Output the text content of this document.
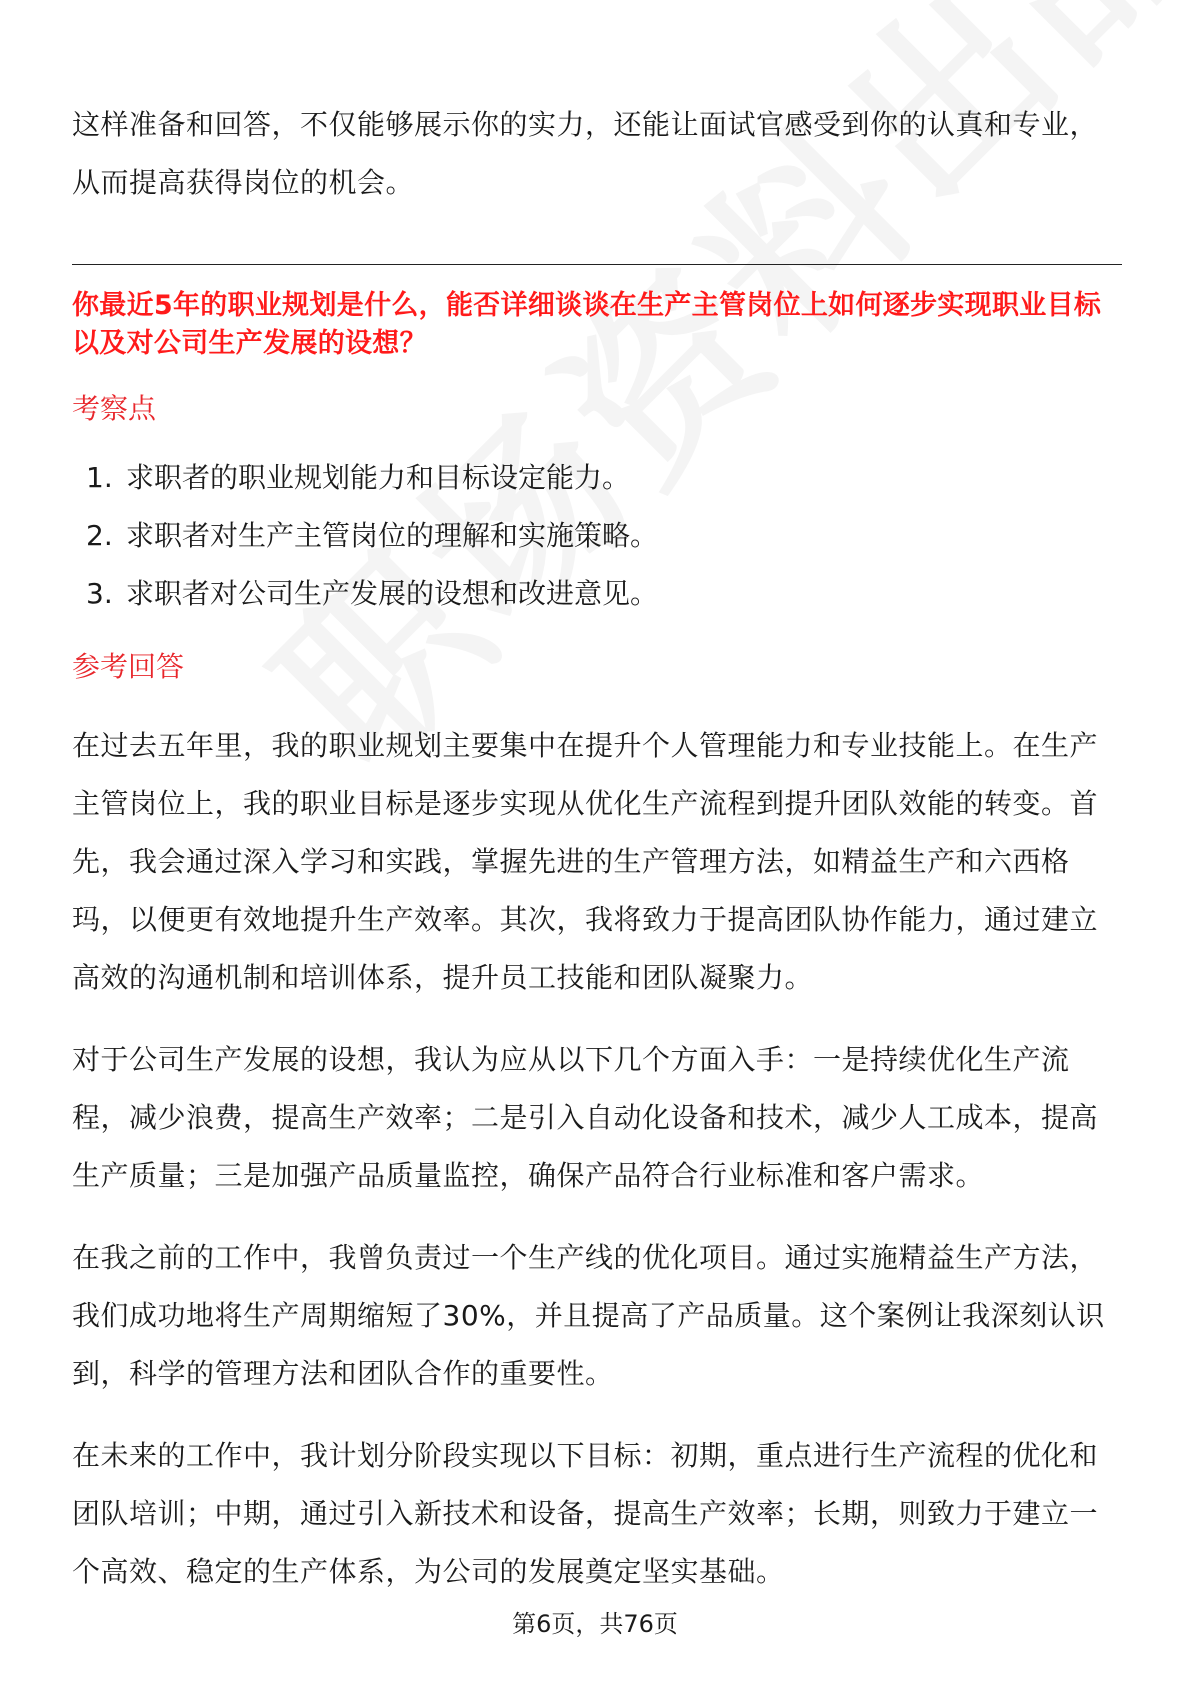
这样准备和回答，不仅能够展示你的实力，还能让面试官感受到你的认真和专业，从而提高获得岗位的机会。

你最近5年的职业规划是什么，能否详细谈谈在生产主管岗位上如何逐步实现职业目标以及对公司生产发展的设想？

考察点
1. 求职者的职业规划能力和目标设定能力。
2. 求职者对生产主管岗位的理解和实施策略。
3. 求职者对公司生产发展的设想和改进意见。
参考回答

在过去五年里，我的职业规划主要集中在提升个人管理能力和专业技能上。在生产主管岗位上，我的职业目标是逐步实现从优化生产流程到提升团队效能的转变。首先，我会通过深入学习和实践，掌握先进的生产管理方法，如精益生产和六西格玛，以便更有效地提升生产效率。其次，我将致力于提高团队协作能力，通过建立高效的沟通机制和培训体系，提升员工技能和团队凝聚力。

对于公司生产发展的设想，我认为应从以下几个方面入手：一是持续优化生产流程，减少浪费，提高生产效率；二是引入自动化设备和技术，减少人工成本，提高生产质量；三是加强产品质量监控，确保产品符合行业标准和客户需求。

在我之前的工作中，我曾负责过一个生产线的优化项目。通过实施精益生产方法，我们成功地将生产周期缩短了30%，并且提高了产品质量。这个案例让我深刻认识到，科学的管理方法和团队合作的重要性。

在未来的工作中，我计划分阶段实现以下目标：初期，重点进行生产流程的优化和团队培训；中期，通过引入新技术和设备，提高生产效率；长期，则致力于建立一个高效、稳定的生产体系，为公司的发展奠定坚实基础。

第6页，共76页
